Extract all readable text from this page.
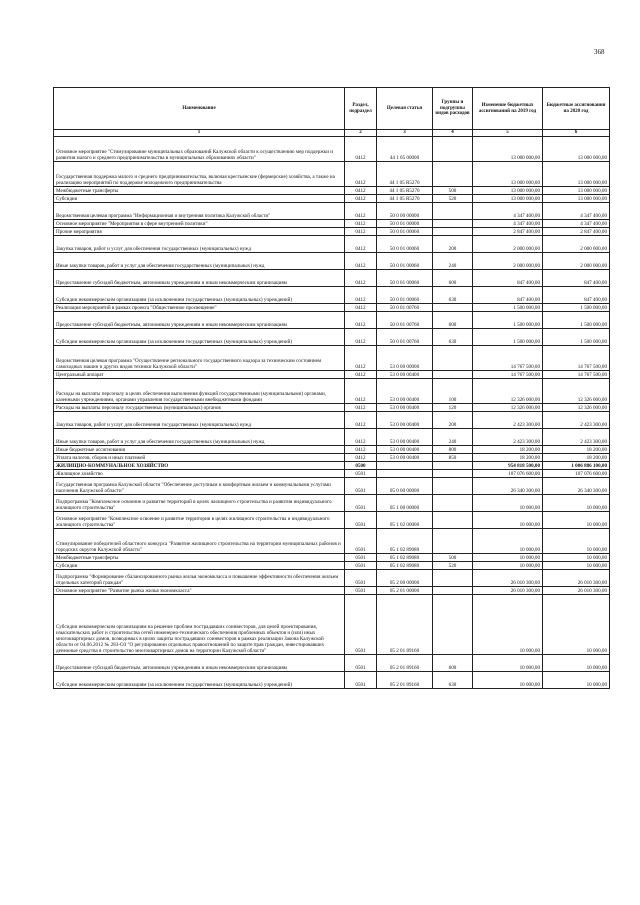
368
Наименование	Раздел, подраздел	Целевая статья	Группы и подгруппы видов расходов	Изменение бюджетных ассигнований на 2019 год	Бюджетные ассигнования на 2020 год
1	2	3	4	5	6
Основное мероприятие "Стимулирование муниципальных образований Калужской области к осуществлению мер поддержки и развития малого и среднего предпринимательства в муниципальных образованиях области"	0412	44 1 05 00000		13 000 000,00	13 000 000,00
Государственная поддержка малого и среднего предпринимательства, включая крестьянские (фермерские) хозяйства, а также на реализацию мероприятий по поддержке молодежного предпринимательства	0412	44 1 05 R5270		13 000 000,00	13 000 000,00
Межбюджетные трансферты	0412	44 1 05 R5270	500	13 000 000,00	13 000 000,00
Субсидии	0412	44 1 05 R5270	520	13 000 000,00	13 000 000,00
Ведомственная целевая программа "Информационная и внутренняя политика Калужской области"	0412	50 0 00 00000		4 347 400,00	4 347 400,00
Основное мероприятие "Мероприятия в сфере внутренней политики"	0412	50 0 01 00000		4 347 400,00	4 347 400,00
Прочие мероприятия	0412	50 0 01 00060		2 847 400,00	2 847 400,00
Закупка товаров, работ и услуг для обеспечения государственных (муниципальных) нужд	0412	50 0 01 00060	200	2 000 000,00	2 000 000,00
Иные закупки товаров, работ и услуг для обеспечения государственных (муниципальных) нужд	0412	50 0 01 00060	240	2 000 000,00	2 000 000,00
Предоставление субсидий бюджетным, автономным учреждениям и иным некоммерческим организациям	0412	50 0 01 00060	600	847 400,00	847 400,00
Субсидии некоммерческим организациям (за исключением государственных (муниципальных) учреждений)	0412	50 0 01 00060	630	847 400,00	847 400,00
Реализация мероприятий в рамках проекта "Общественное просвещение"	0412	50 0 01 00760		1 500 000,00	1 500 000,00
Предоставление субсидий бюджетным, автономным учреждениям и иным некоммерческим организациям	0412	50 0 01 00760	600	1 500 000,00	1 500 000,00
Субсидии некоммерческим организациям (за исключением государственных (муниципальных) учреждений)	0412	50 0 01 00760	630	1 500 000,00	1 500 000,00
Ведомственная целевая программа "Осуществление регионального государственного надзора за техническим состоянием самоходных машин и других видов техники Калужской области"	0412	53 0 00 00000		14 767 500,00	14 767 500,00
Центральный аппарат	0412	53 0 00 00400		14 767 500,00	14 767 500,00
Расходы на выплаты персоналу в целях обеспечения выполнения функций государственными (муниципальными) органами, казенными учреждениями, органами управления государственными внебюджетными фондами	0412	53 0 00 00400	100	12 326 000,00	12 326 000,00
Расходы на выплаты персоналу государственных (муниципальных) органов	0412	53 0 00 00400	120	12 326 000,00	12 326 000,00
Закупка товаров, работ и услуг для обеспечения государственных (муниципальных) нужд	0412	53 0 00 00400	200	2 423 300,00	2 423 300,00
Иные закупки товаров, работ и услуг для обеспечения государственных (муниципальных) нужд	0412	53 0 00 00400	240	2 423 300,00	2 423 300,00
Иные бюджетные ассигнования	0412	53 0 00 00400	800	18 200,00	18 200,00
Уплата налогов, сборов и иных платежей	0412	53 0 00 00400	850	18 200,00	18 200,00
ЖИЛИЩНО-КОММУНАЛЬНОЕ ХОЗЯЙСТВО	0500			954 818 500,00	1 006 886 100,00
Жилищное хозяйство	0501			107 076 600,00	107 076 600,00
Государственная программа Калужской области "Обеспечение доступным и комфортным жильем и коммунальными услугами населения Калужской области"	0501	05 0 00 00000		26 340 300,00	26 340 300,00
Подпрограмма "Комплексное освоение и развитие территорий в целях жилищного строительства и развития индивидуального жилищного строительства"	0501	05 1 00 00000		10 000,00	10 000,00
Основное мероприятие "Комплексное освоение и развитие территории в целях жилищного строительства и индивидуального жилищного строительства"	0501	05 1 02 00000		10 000,00	10 000,00
Стимулирование победителей областного конкурса "Развитие жилищного строительства на территории муниципальных районов и городских округов Калужской области"	0501	05 1 02 89080		10 000,00	10 000,00
Межбюджетные трансферты	0501	05 1 02 89080	500	10 000,00	10 000,00
Субсидии	0501	05 1 02 89080	520	10 000,00	10 000,00
Подпрограмма "Формирование сбалансированного рынка жилья экономкласса и повышение эффективности обеспечения жильем отдельных категорий граждан"	0501	05 2 00 00000		26 010 300,00	26 010 300,00
Основное мероприятие "Развитие рынка жилья экономкласса"	0501	05 2 01 00000		26 010 300,00	26 010 300,00
Субсидии некоммерческим организациям на решение проблем пострадавших соинвесторов, для целей проектирования, изыскательских работ и строительства сетей инженерно-технического обеспечения проблемных объектов и (или) иных многоквартирных домов, возводимых в целях защиты пострадавших соинвесторов в рамках реализации Закона Калужской области от 04.06.2012 № 283-ОЗ "О регулировании отдельных правоотношений по защите прав граждан, инвестировавших денежные средства в строительство многоквартирных домов на территории Калужской области"	0501	05 2 01 89160		10 000,00	10 000,00
Предоставление субсидий бюджетным, автономным учреждениям и иным некоммерческим организациям	0501	05 2 01 89160	600	10 000,00	10 000,00
Субсидии некоммерческим организациям (за исключением государственных (муниципальных) учреждений)	0501	05 2 01 89160	630	10 000,00	10 000,00
